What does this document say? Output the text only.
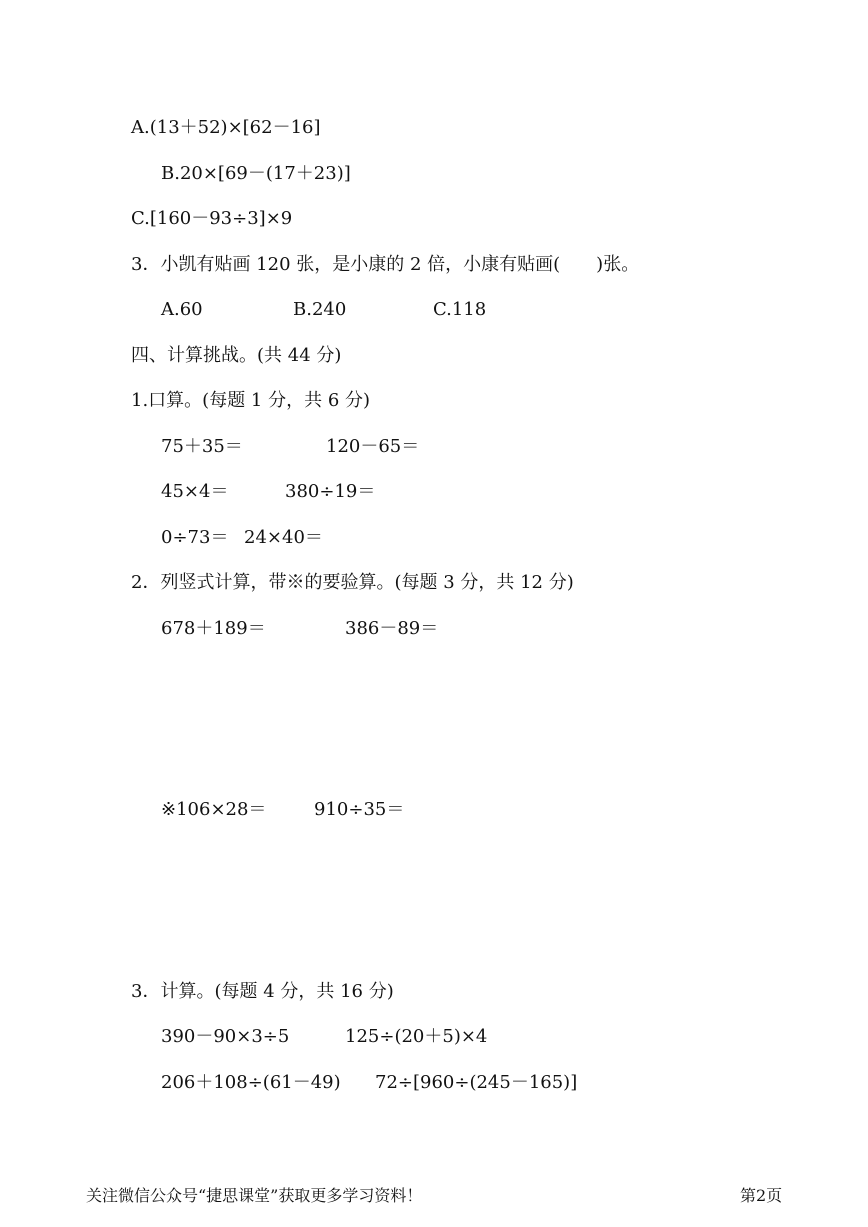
A.(13＋52)×[62－16]
B.20×[69－(17＋23)]
C.[160－93÷3]×9
3．小凯有贴画 120 张，是小康的 2 倍，小康有贴画(　　)张。
A.60	B.240	C.118
四、计算挑战。(共 44 分)
1.口算。(每题 1 分，共 6 分)
75＋35＝	120－65＝
45×4＝	380÷19＝
0÷73＝ 24×40＝
2．列竖式计算，带※的要验算。(每题 3 分，共 12 分)
678＋189＝	386－89＝
※106×28＝	910÷35＝
3．计算。(每题 4 分，共 16 分)
390－90×3÷5	125÷(20＋5)×4
206＋108÷(61－49) 72÷[960÷(245－165)]
关注微信公众号“捷思课堂”获取更多学习资料！	第2页
